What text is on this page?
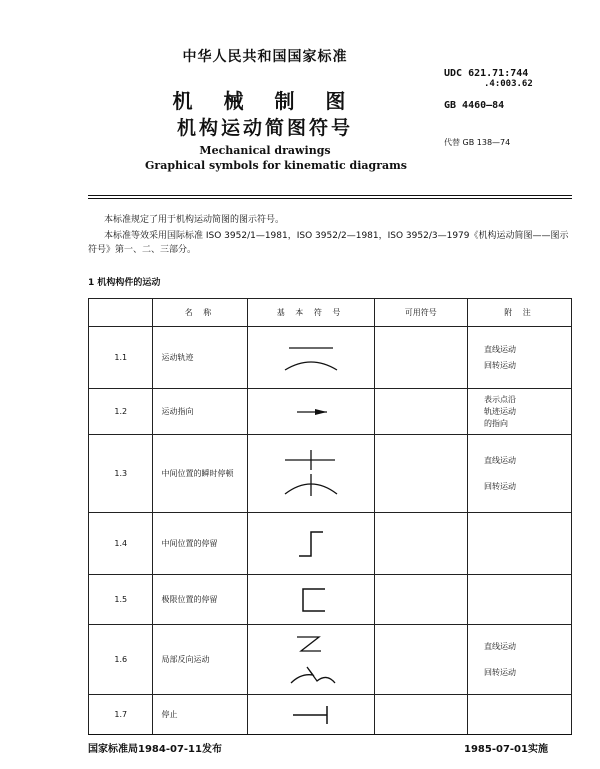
中华人民共和国国家标准
机 械 制 图
机构运动简图符号
Mechanical drawings
Graphical symbols for kinematic diagrams
UDC 621.71:744
.4:003.62
GB 4460—84
代替 GB 138—74
本标准规定了用于机构运动简图的图示符号。
本标准等效采用国际标准 ISO 3952/1—1981，ISO 3952/2—1981，ISO 3952/3—1979《机构运动简图——图示符号》第一、二、三部分。
1 机构构件的运动
	名 称	基 本 符 号	可用符号	附 注
1.1	运动轨迹			直线运动
回转运动

1.2	运动指向			表示点沿
轨迹运动
的指向

1.3	中间位置的瞬时停顿			直线运动
回转运动

1.4	中间位置的停留	

1.5	极限位置的停留	

1.6	局部反向运动			直线运动
回转运动

1.7	停止	

国家标准局1984-07-11发布	1985-07-01实施
